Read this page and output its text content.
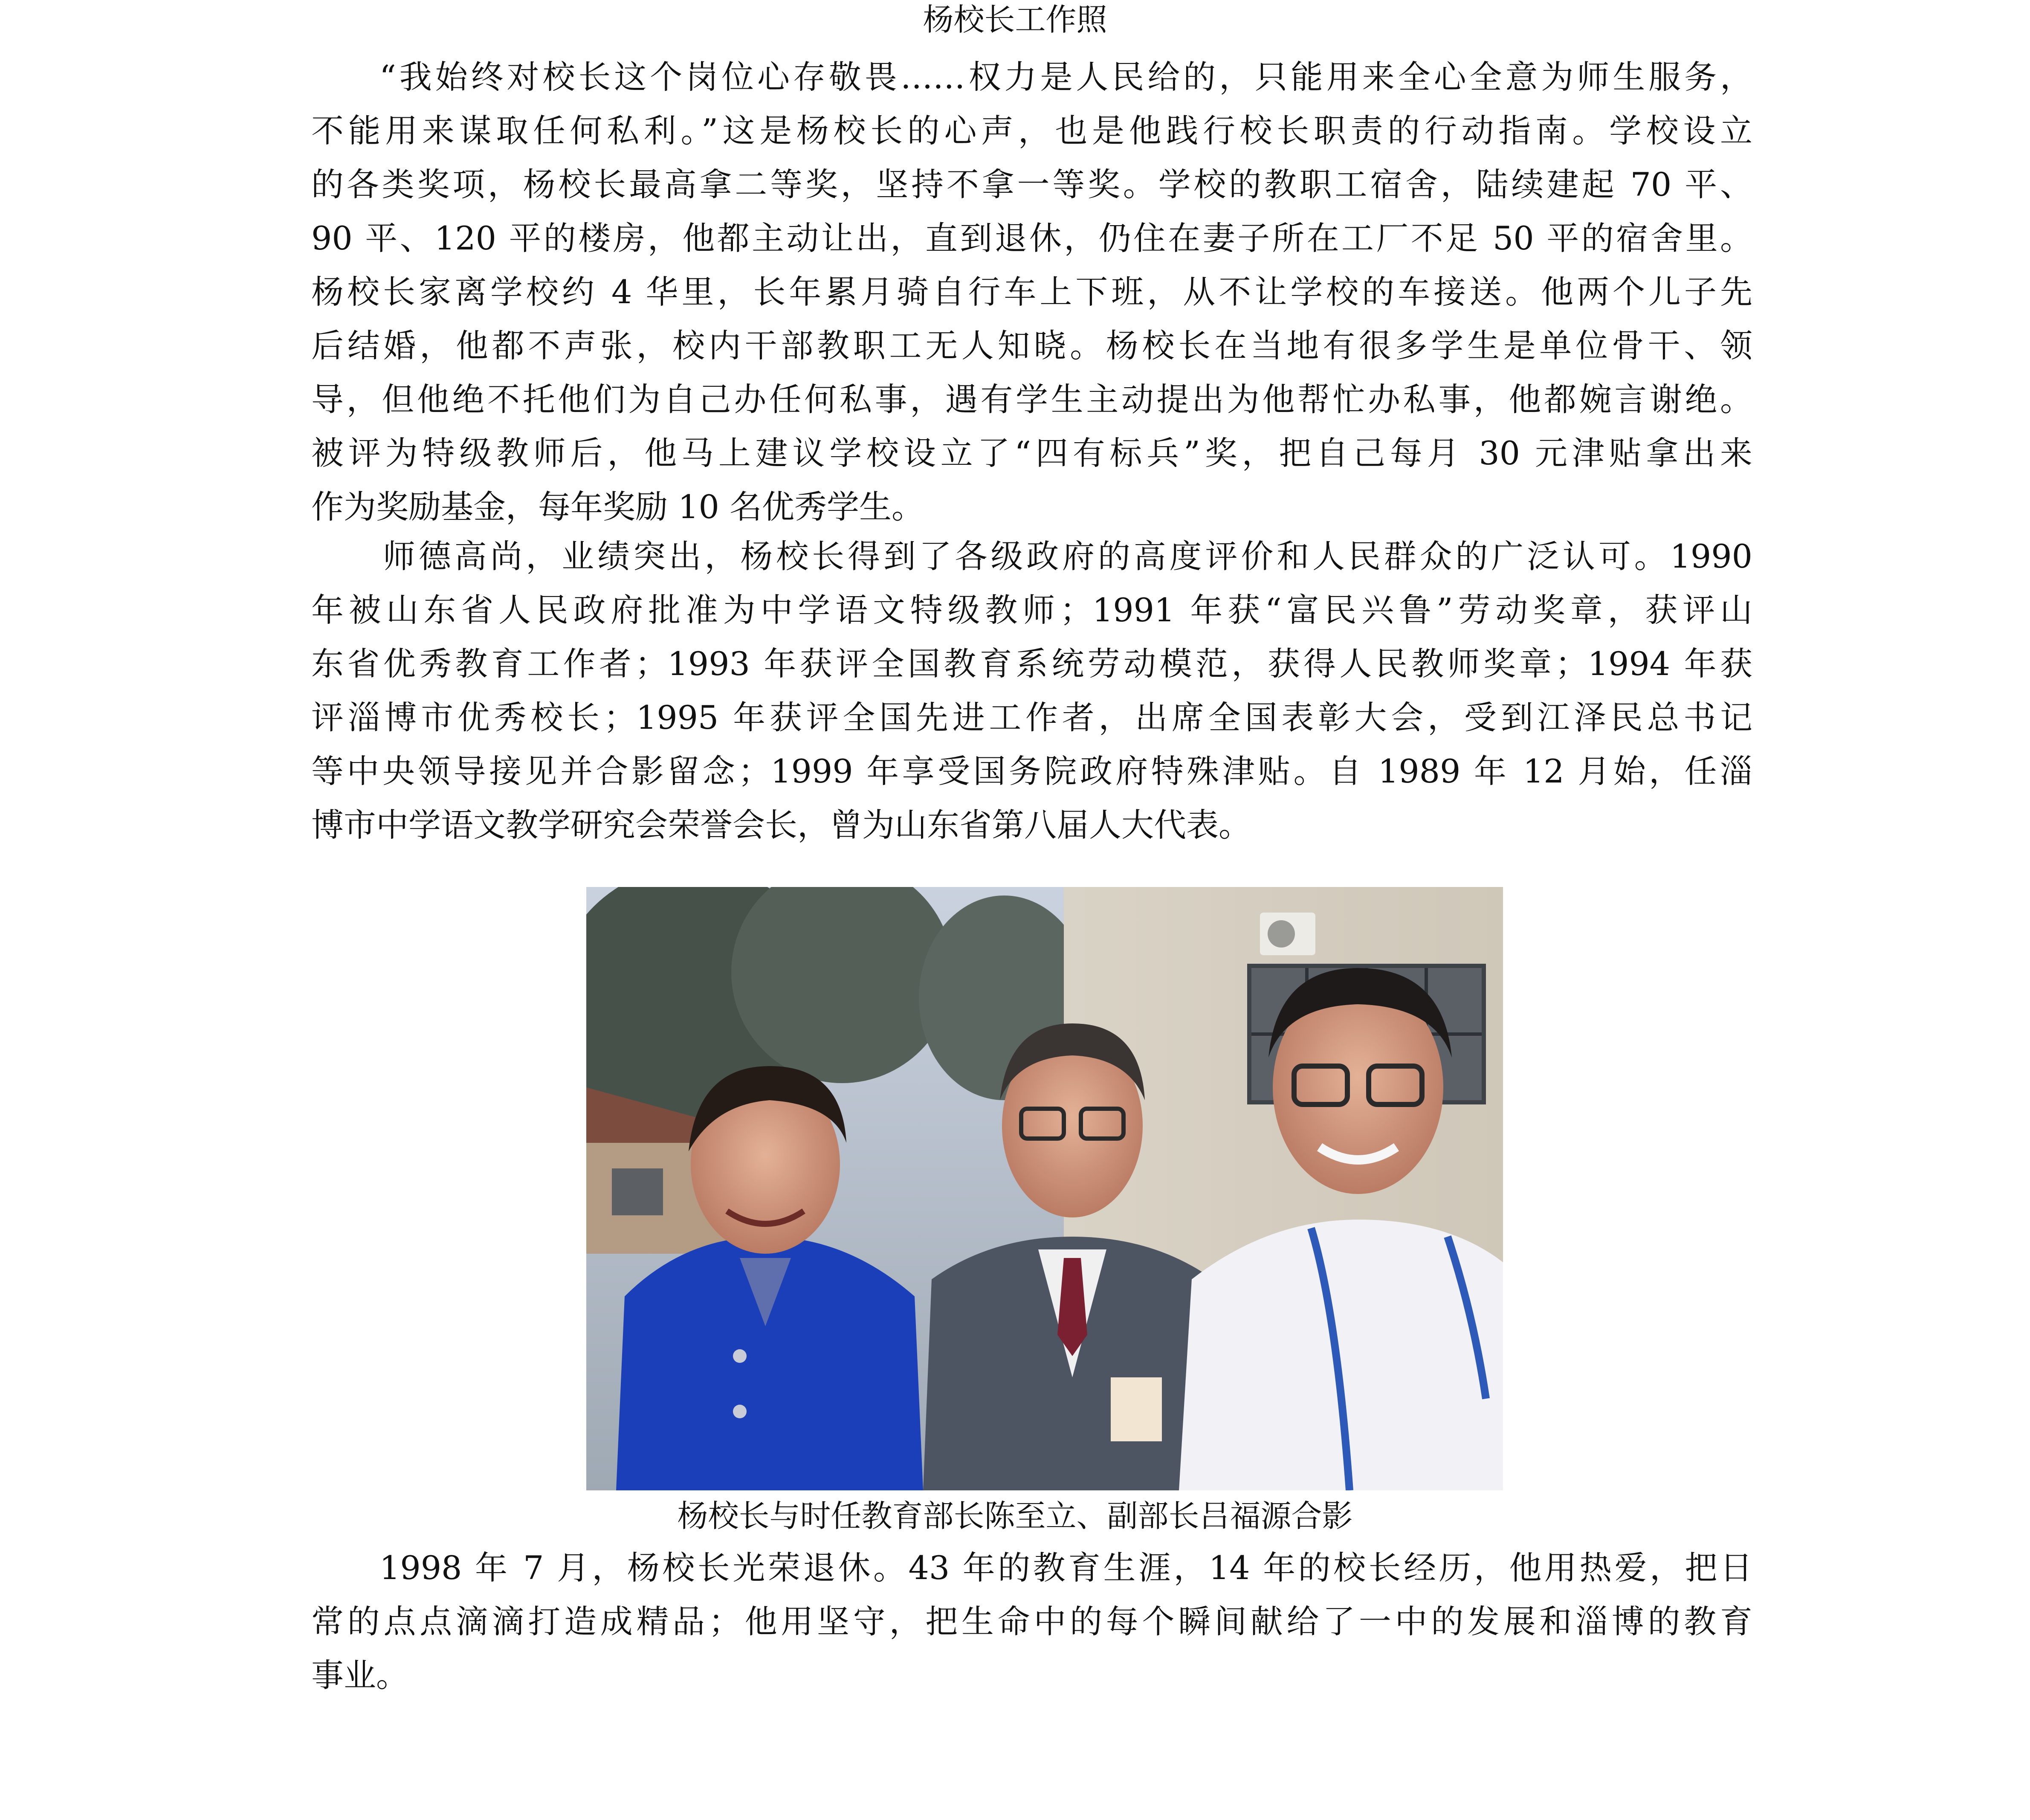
杨校长工作照
“我始终对校长这个岗位心存敬畏……权力是人民给的，只能用来全心全意为师生服务，
不能用来谋取任何私利。”这是杨校长的心声，也是他践行校长职责的行动指南。学校设立
的各类奖项，杨校长最高拿二等奖，坚持不拿一等奖。学校的教职工宿舍，陆续建起 70 平、
90 平、120 平的楼房，他都主动让出，直到退休，仍住在妻子所在工厂不足 50 平的宿舍里。
杨校长家离学校约 4 华里，长年累月骑自行车上下班，从不让学校的车接送。他两个儿子先
后结婚，他都不声张，校内干部教职工无人知晓。杨校长在当地有很多学生是单位骨干、领
导，但他绝不托他们为自己办任何私事，遇有学生主动提出为他帮忙办私事，他都婉言谢绝。
被评为特级教师后，他马上建议学校设立了“四有标兵”奖，把自己每月 30 元津贴拿出来
作为奖励基金，每年奖励 10 名优秀学生。
师德高尚，业绩突出，杨校长得到了各级政府的高度评价和人民群众的广泛认可。1990
年被山东省人民政府批准为中学语文特级教师；1991 年获“富民兴鲁”劳动奖章，获评山
东省优秀教育工作者；1993 年获评全国教育系统劳动模范，获得人民教师奖章；1994 年获
评淄博市优秀校长；1995 年获评全国先进工作者，出席全国表彰大会，受到江泽民总书记
等中央领导接见并合影留念；1999 年享受国务院政府特殊津贴。自 1989 年 12 月始，任淄
博市中学语文教学研究会荣誉会长，曾为山东省第八届人大代表。
杨校长与时任教育部长陈至立、副部长吕福源合影
1998 年 7 月，杨校长光荣退休。43 年的教育生涯，14 年的校长经历，他用热爱，把日
常的点点滴滴打造成精品；他用坚守，把生命中的每个瞬间献给了一中的发展和淄博的教育
事业。
